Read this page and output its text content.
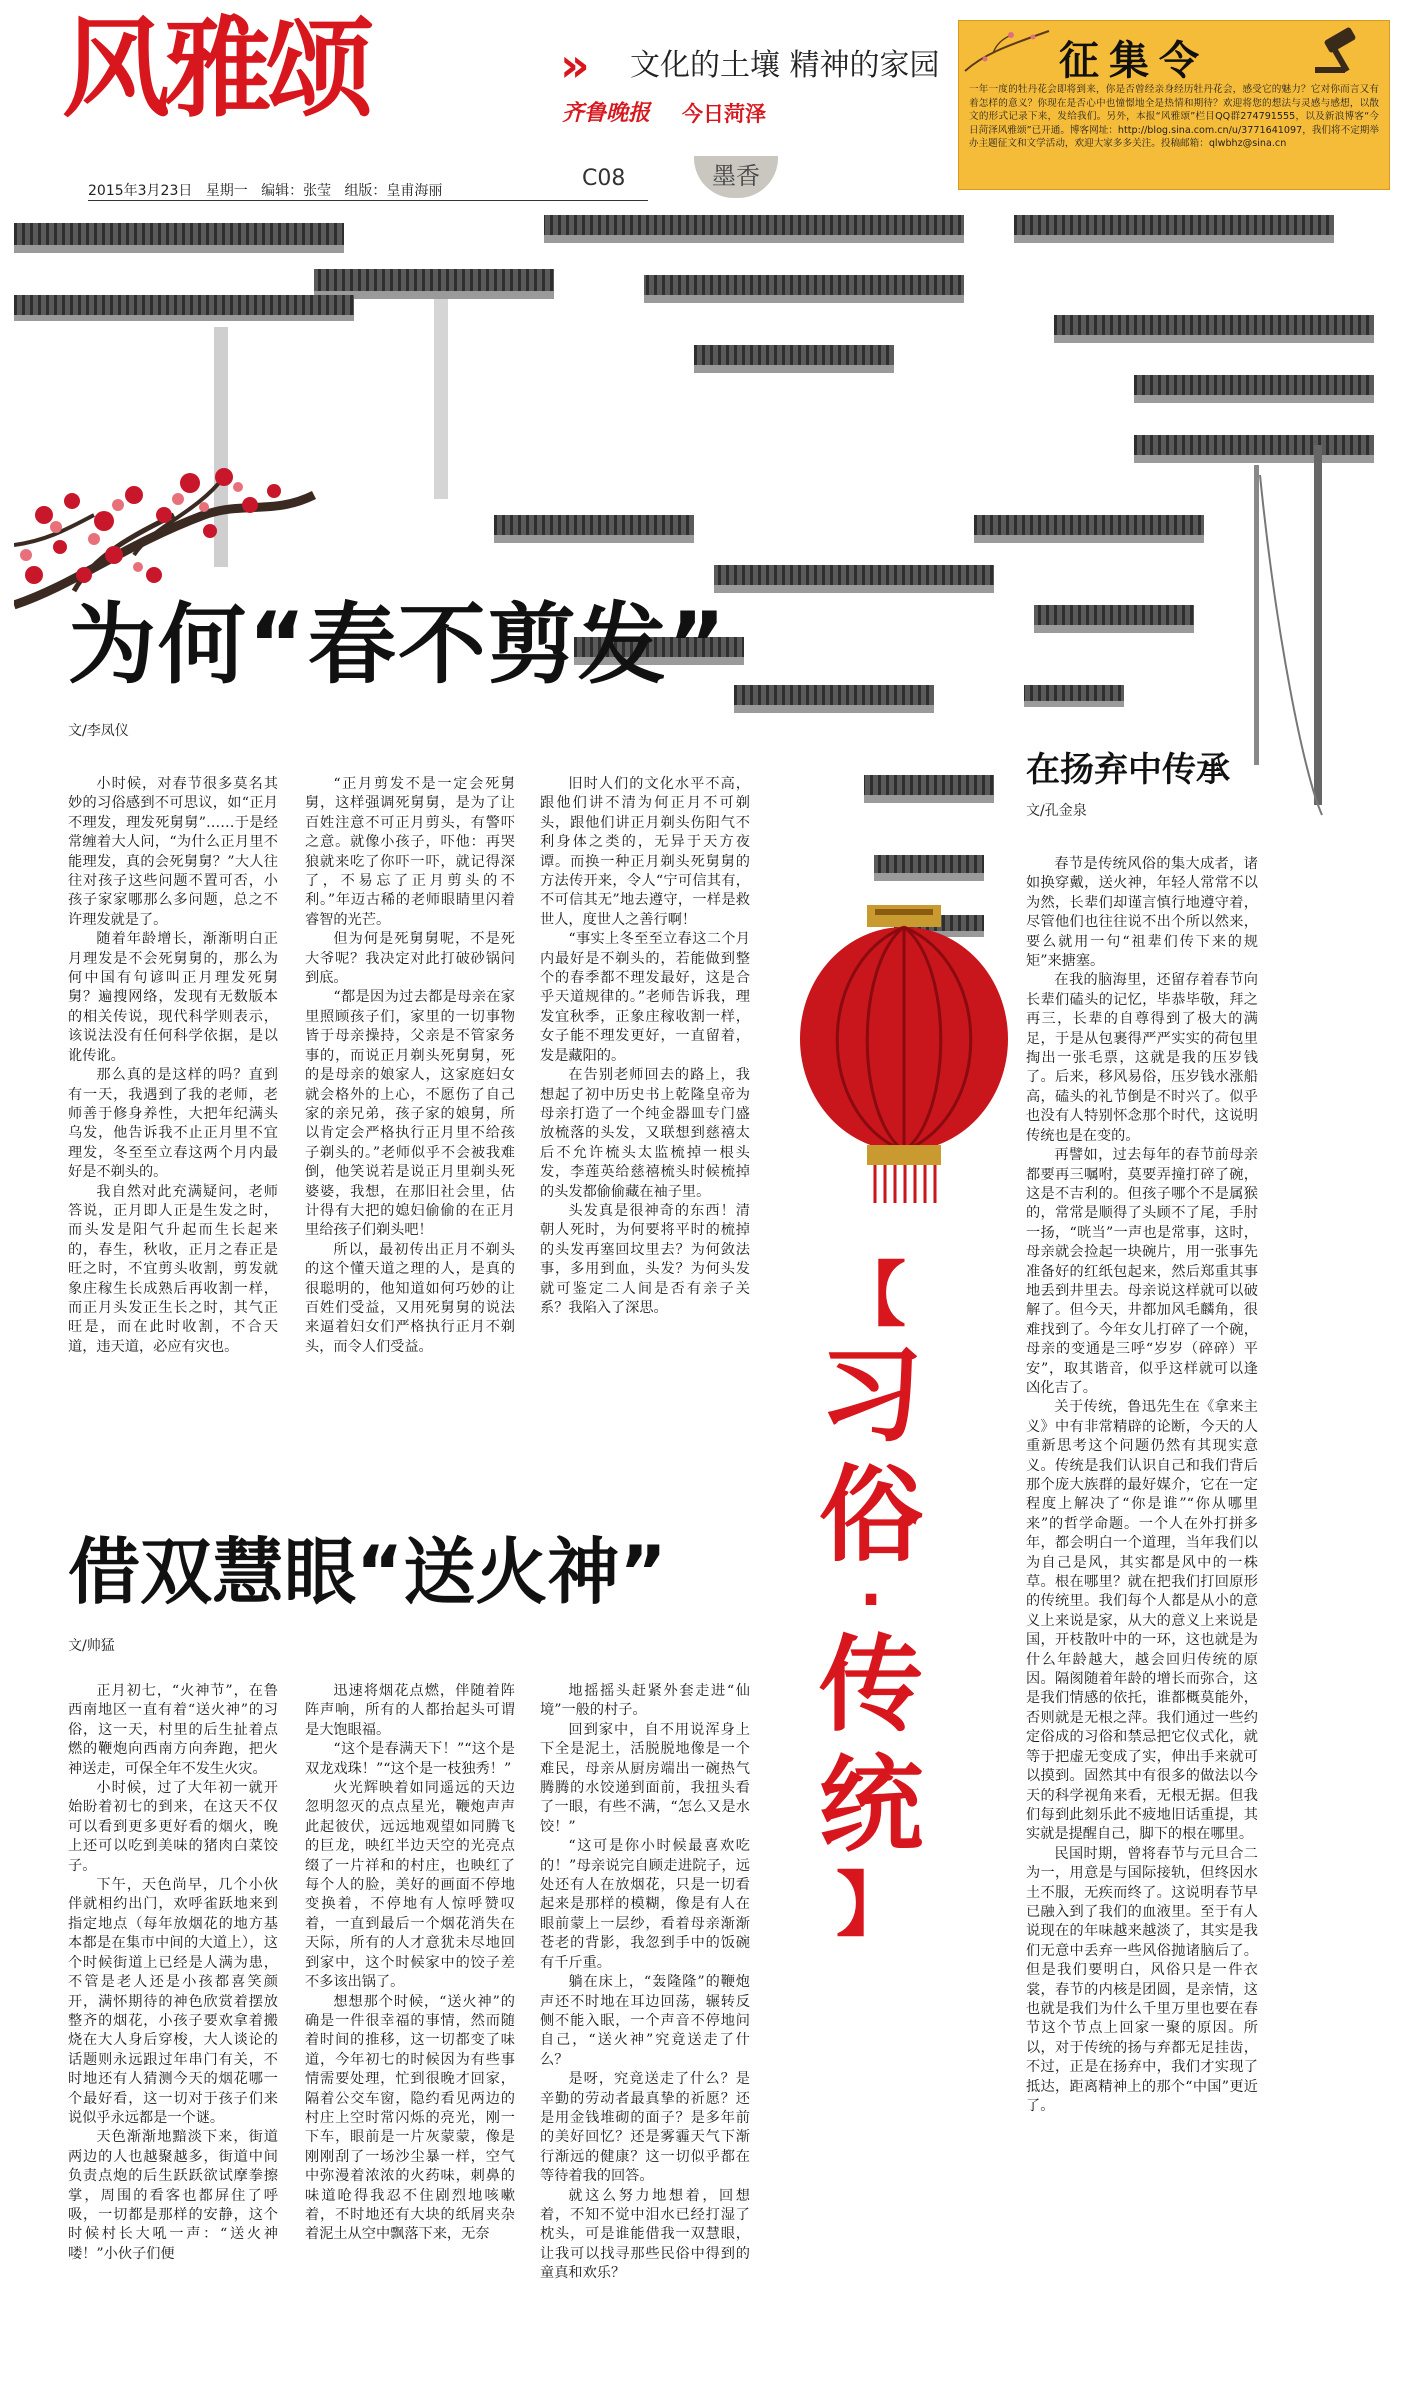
风雅颂	» 文化的土壤 精神的家园
齐鲁晚报 今日菏泽
2015年3月23日 星期一 编辑：张莹 组版：皇甫海丽	C08	墨香
征集令
一年一度的牡丹花会即将到来，你是否曾经亲身经历牡丹花会，感受它的魅力？它对你而言又有着怎样的意义？你现在是否心中也憧憬地全是热情和期待？欢迎将您的想法与灵感与感想，以散文的形式记录下来，发给我们。另外，本报“风雅颂”栏目QQ群274791555，以及新浪博客“今日菏泽风雅颂”已开通。博客网址：http://blog.sina.com.cn/u/3771641097，我们将不定期举办主题征文和文学活动，欢迎大家多多关注。投稿邮箱：qlwbhz@sina.cn
为何“春不剪发”
文/李凤仪

小时候，对春节很多莫名其妙的习俗感到不可思议，如“正月不理发，理发死舅舅”……于是经常缠着大人问，“为什么正月里不能理发，真的会死舅舅？”大人往往对孩子这些问题不置可否，小孩子家家哪那么多问题，总之不许理发就是了。

随着年龄增长，渐渐明白正月理发是不会死舅舅的，那么为何中国有句谚叫正月理发死舅舅？遍搜网络，发现有无数版本的相关传说，现代科学则表示，该说法没有任何科学依据，是以讹传讹。

那么真的是这样的吗？直到有一天，我遇到了我的老师，老师善于修身养性，大把年纪满头乌发，他告诉我不止正月里不宜理发，冬至至立春这两个月内最好是不剃头的。

我自然对此充满疑问，老师答说，正月即人正是生发之时，而头发是阳气升起而生长起来的，春生，秋收，正月之春正是旺之时，不宜剪头收割，剪发就象庄稼生长成熟后再收割一样，而正月头发正生长之时，其气正旺是，而在此时收割，不合天道，违天道，必应有灾也。

“正月剪发不是一定会死舅舅，这样强调死舅舅，是为了让百姓注意不可正月剪头，有警吓之意。就像小孩子，吓他：再哭狼就来吃了你吓一吓，就记得深了，不易忘了正月剪头的不利。”年迈古稀的老师眼睛里闪着睿智的光芒。

但为何是死舅舅呢，不是死大爷呢？我决定对此打破砂锅问到底。

“都是因为过去都是母亲在家里照顾孩子们，家里的一切事物皆于母亲操持，父亲是不管家务事的，而说正月剃头死舅舅，死的是母亲的娘家人，这家庭妇女就会格外的上心，不愿伤了自己家的亲兄弟，孩子家的娘舅，所以肯定会严格执行正月里不给孩子剃头的。”老师似乎不会被我难倒，他笑说若是说正月里剃头死婆婆，我想，在那旧社会里，估计得有大把的媳妇偷偷的在正月里给孩子们剃头吧！

所以，最初传出正月不剃头的这个懂天道之理的人，是真的很聪明的，他知道如何巧妙的让百姓们受益，又用死舅舅的说法来逼着妇女们严格执行正月不剃头，而令人们受益。

旧时人们的文化水平不高，跟他们讲不清为何正月不可剃头，跟他们讲正月剃头伤阳气不利身体之类的，无异于天方夜谭。而换一种正月剃头死舅舅的方法传开来，令人“宁可信其有，不可信其无”地去遵守，一样是救世人，度世人之善行啊！

“事实上冬至至立春这二个月内最好是不剃头的，若能做到整个的春季都不理发最好，这是合乎天道规律的。”老师告诉我，理发宜秋季，正象庄稼收割一样，女子能不理发更好，一直留着，发是藏阳的。

在告别老师回去的路上，我想起了初中历史书上乾隆皇帝为母亲打造了一个纯金器皿专门盛放梳落的头发，又联想到慈禧太后不允许梳头太监梳掉一根头发，李莲英给慈禧梳头时候梳掉的头发都偷偷藏在袖子里。

头发真是很神奇的东西！清朝人死时，为何要将平时的梳掉的头发再塞回坟里去？为何敛法事，多用到血，头发？为何头发就可鉴定二人间是否有亲子关系？我陷入了深思。

借双慧眼“送火神”
文/帅猛

正月初七，“火神节”，在鲁西南地区一直有着“送火神”的习俗，这一天，村里的后生扯着点燃的鞭炮向西南方向奔跑，把火神送走，可保全年不发生火灾。

小时候，过了大年初一就开始盼着初七的到来，在这天不仅可以看到更多更好看的烟火，晚上还可以吃到美味的猪肉白菜饺子。

下午，天色尚早，几个小伙伴就相约出门，欢呼雀跃地来到指定地点（每年放烟花的地方基本都是在集市中间的大道上），这个时候街道上已经是人满为患，不管是老人还是小孩都喜笑颜开，满怀期待的神色欣赏着摆放整齐的烟花，小孩子要欢拿着搬烧在大人身后穿梭，大人谈论的话题则永远跟过年串门有关，不时地还有人猜测今天的烟花哪一个最好看，这一切对于孩子们来说似乎永远都是一个谜。

天色渐渐地黯淡下来，街道两边的人也越聚越多，街道中间负责点炮的后生跃跃欲试摩拳擦掌，周围的看客也都屏住了呼吸，一切都是那样的安静，这个时候村长大吼一声：“送火神喽！”小伙子们便

迅速将烟花点燃，伴随着阵阵声响，所有的人都抬起头可谓是大饱眼福。

“这个是春满天下！”“这个是双龙戏珠！”“这个是一枝独秀！”

火光辉映着如同遥远的天边忽明忽灭的点点星光，鞭炮声声此起彼伏，远远地观望如同腾飞的巨龙，映红半边天空的光亮点缀了一片祥和的村庄，也映红了每个人的脸，美好的画面不停地变换着，不停地有人惊呼赞叹着，一直到最后一个烟花消失在天际，所有的人才意犹未尽地回到家中，这个时候家中的饺子差不多该出锅了。

想想那个时候，“送火神”的确是一件很幸福的事情，然而随着时间的推移，这一切都变了味道，今年初七的时候因为有些事情需要处理，忙到很晚才回家，隔着公交车窗，隐约看见两边的村庄上空时常闪烁的亮光，刚一下车，眼前是一片灰蒙蒙，像是刚刚刮了一场沙尘暴一样，空气中弥漫着浓浓的火药味，刺鼻的味道呛得我忍不住剧烈地咳嗽着，不时地还有大块的纸屑夹杂着泥土从空中飘落下来，无奈

地摇摇头赶紧外套走进“仙境”一般的村子。

回到家中，自不用说浑身上下全是泥土，活脱脱地像是一个难民，母亲从厨房端出一碗热气腾腾的水饺递到面前，我扭头看了一眼，有些不满，“怎么又是水饺！”

“这可是你小时候最喜欢吃的！”母亲说完自顾走进院子，远处还有人在放烟花，只是一切看起来是那样的模糊，像是有人在眼前蒙上一层纱，看着母亲渐渐苍老的背影，我忽到手中的饭碗有千斤重。

躺在床上，“轰隆隆”的鞭炮声还不时地在耳边回荡，辗转反侧不能入眠，一个声音不停地问自己，“送火神”究竟送走了什么？

是呀，究竟送走了什么？是辛勤的劳动者最真挚的祈愿？还是用金钱堆砌的面子？是多年前的美好回忆？还是雾霾天气下渐行渐远的健康？这一切似乎都在等待着我的回答。

就这么努力地想着，回想着，不知不觉中泪水已经打湿了枕头，可是谁能借我一双慧眼，让我可以找寻那些民俗中得到的童真和欢乐？

【
习
俗
·
传
统
】
在扬弃中传承
文/孔金泉

春节是传统风俗的集大成者，诸如换穿戴，送火神，年轻人常常不以为然，长辈们却谨言慎行地遵守着，尽管他们也往往说不出个所以然来，要么就用一句“祖辈们传下来的规矩”来搪塞。

在我的脑海里，还留存着春节向长辈们磕头的记忆，毕恭毕敬，拜之再三，长辈的自尊得到了极大的满足，于是从包裹得严严实实的荷包里掏出一张毛票，这就是我的压岁钱了。后来，移风易俗，压岁钱水涨船高，磕头的礼节倒是不时兴了。似乎也没有人特别怀念那个时代，这说明传统也是在变的。

再譬如，过去每年的春节前母亲都要再三嘱咐，莫要弄撞打碎了碗，这是不吉利的。但孩子哪个不是属猴的，常常是顺得了头顾不了尾，手肘一扬，“咣当”一声也是常事，这时，母亲就会捡起一块碗片，用一张事先准备好的红纸包起来，然后郑重其事地丢到井里去。母亲说这样就可以破解了。但今天，井都加风毛麟角，很难找到了。今年女儿打碎了一个碗，母亲的变通是三呼“岁岁（碎碎）平安”，取其谐音，似乎这样就可以逢凶化吉了。

关于传统，鲁迅先生在《拿来主义》中有非常精辟的论断，今天的人重新思考这个问题仍然有其现实意义。传统是我们认识自己和我们背后那个庞大族群的最好媒介，它在一定程度上解决了“你是谁”“你从哪里来”的哲学命题。一个人在外打拼多年，都会明白一个道理，当年我们以为自己是风，其实都是风中的一株草。根在哪里？就在把我们打回原形的传统里。我们每个人都是从小的意义上来说是家，从大的意义上来说是国，开枝散叶中的一环，这也就是为什么年龄越大，越会回归传统的原因。隔阂随着年龄的增长而弥合，这是我们情感的依托，谁都概莫能外，否则就是无根之萍。我们通过一些约定俗成的习俗和禁忌把它仪式化，就等于把虚无变成了实，伸出手来就可以摸到。固然其中有很多的做法以今天的科学视角来看，无根无据。但我们每到此刻乐此不疲地旧话重提，其实就是提醒自己，脚下的根在哪里。

民国时期，曾将春节与元旦合二为一，用意是与国际接轨，但终因水土不服，无疾而终了。这说明春节早已融入到了我们的血液里。至于有人说现在的年味越来越淡了，其实是我们无意中丢弃一些风俗抛诸脑后了。但是我们要明白，风俗只是一件衣裳，春节的内核是团圆，是亲情，这也就是我们为什么千里万里也要在春节这个节点上回家一聚的原因。所以，对于传统的扬与弃都无足挂齿，不过，正是在扬弃中，我们才实现了抵达，距离精神上的那个“中国”更近了。
